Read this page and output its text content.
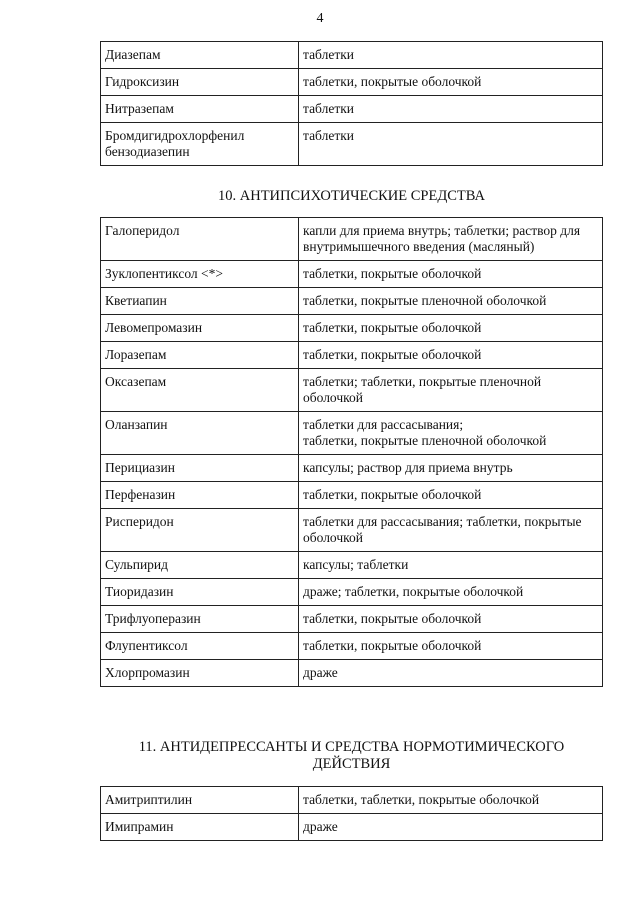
4
Диазепам	таблетки
Гидроксизин	таблетки, покрытые оболочкой
Нитразепам	таблетки
Бромдигидрохлорфенил бензодиазепин	таблетки
10. АНТИПСИХОТИЧЕСКИЕ СРЕДСТВА
Галоперидол	капли для приема внутрь; таблетки; раствор для внутримышечного введения (масляный)
Зуклопентиксол <*>	таблетки, покрытые оболочкой
Кветиапин	таблетки, покрытые пленочной оболочкой
Левомепромазин	таблетки, покрытые оболочкой
Лоразепам	таблетки, покрытые оболочкой
Оксазепам	таблетки; таблетки, покрытые пленочной оболочкой
Оланзапин	таблетки для рассасывания;
таблетки, покрытые пленочной оболочкой
Перициазин	капсулы; раствор для приема внутрь
Перфеназин	таблетки, покрытые оболочкой
Рисперидон	таблетки для рассасывания; таблетки, покрытые оболочкой
Сульпирид	капсулы; таблетки
Тиоридазин	драже; таблетки, покрытые оболочкой
Трифлуоперазин	таблетки, покрытые оболочкой
Флупентиксол	таблетки, покрытые оболочкой
Хлорпромазин	драже
11. АНТИДЕПРЕССАНТЫ И СРЕДСТВА НОРМОТИМИЧЕСКОГО
ДЕЙСТВИЯ
Амитриптилин	таблетки, таблетки, покрытые оболочкой
Имипрамин	драже
